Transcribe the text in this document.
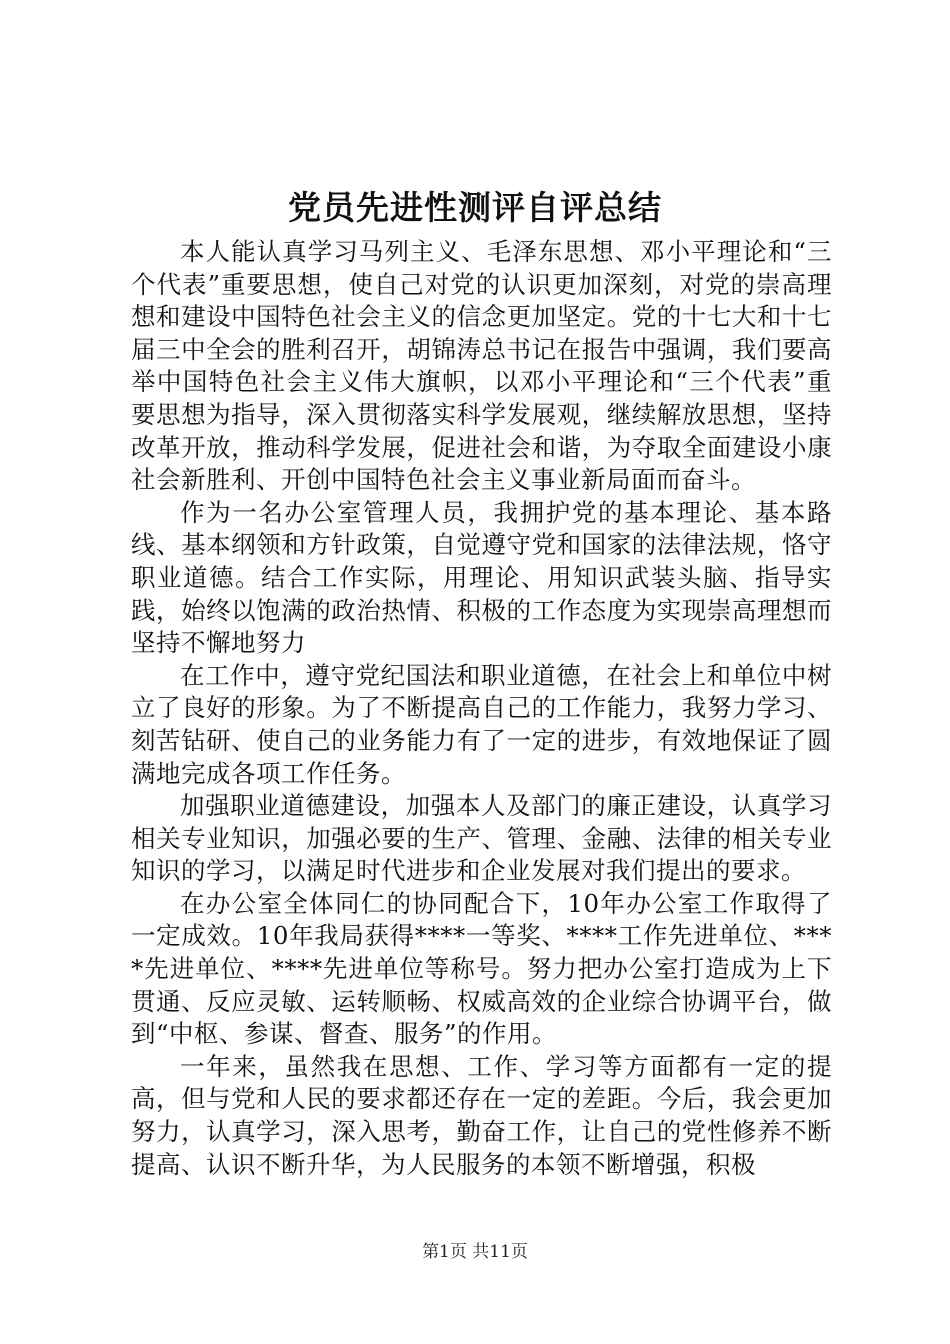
党员先进性测评自评总结

本人能认真学习马列主义、毛泽东思想、邓小平理论和“三个代表”重要思想，使自己对党的认识更加深刻，对党的崇高理想和建设中国特色社会主义的信念更加坚定。党的十七大和十七届三中全会的胜利召开，胡锦涛总书记在报告中强调，我们要高举中国特色社会主义伟大旗帜，以邓小平理论和“三个代表”重要思想为指导，深入贯彻落实科学发展观，继续解放思想，坚持改革开放，推动科学发展，促进社会和谐，为夺取全面建设小康社会新胜利、开创中国特色社会主义事业新局面而奋斗。

作为一名办公室管理人员，我拥护党的基本理论、基本路线、基本纲领和方针政策，自觉遵守党和国家的法律法规，恪守职业道德。结合工作实际，用理论、用知识武装头脑、指导实践，始终以饱满的政治热情、积极的工作态度为实现崇高理想而坚持不懈地努力

在工作中，遵守党纪国法和职业道德，在社会上和单位中树立了良好的形象。为了不断提高自己的工作能力，我努力学习、刻苦钻研、使自己的业务能力有了一定的进步，有效地保证了圆满地完成各项工作任务。

加强职业道德建设，加强本人及部门的廉正建设，认真学习相关专业知识，加强必要的生产、管理、金融、法律的相关专业知识的学习，以满足时代进步和企业发展对我们提出的要求。

在办公室全体同仁的协同配合下，10年办公室工作取得了一定成效。10年我局获得****一等奖、****工作先进单位、****先进单位、****先进单位等称号。努力把办公室打造成为上下贯通、反应灵敏、运转顺畅、权威高效的企业综合协调平台，做到“中枢、参谋、督查、服务”的作用。

一年来，虽然我在思想、工作、学习等方面都有一定的提高，但与党和人民的要求都还存在一定的差距。今后，我会更加努力，认真学习，深入思考，勤奋工作，让自己的党性修养不断提高、认识不断升华，为人民服务的本领不断增强，积极

第1页 共11页
